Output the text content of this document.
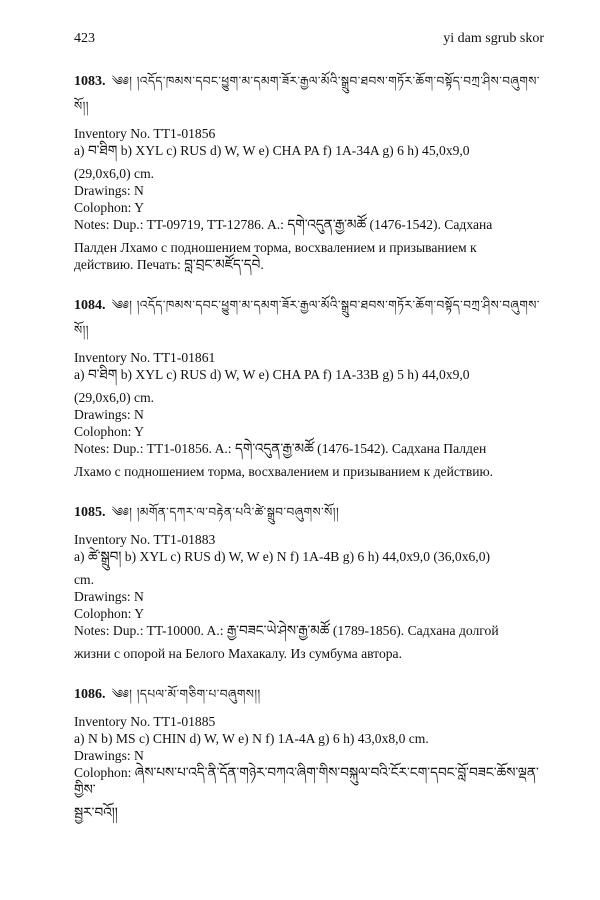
423	yi dam sgrub skor
1083. ༄༅། །འདོད་ཁམས་དབང་ཕྱུག་མ་དམག་ཟོར་རྒྱལ་མོའི་སྒྲུབ་ཐབས་གཏོར་ཆོག་བསྟོད་བཀྲ་ཤིས་བཞུགས་སོ།།

Inventory No. TT1-01856

a) བ་ཐིག b) XYL c) RUS d) W, W e) CHA PA f) 1A-34A g) 6 h) 45,0x9,0

(29,0x6,0) cm.

Drawings: N

Colophon: Y

Notes: Dup.: TT-09719, TT-12786. A.: དགེ་འདུན་རྒྱ་མཚོ (1476-1542). Садхана

Палден Лхамо с подношением торма, восхвалением и призыванием к

действию. Печать: བླ་བྲང་མཛོད་དབེ.

1084. ༄༅། །འདོད་ཁམས་དབང་ཕྱུག་མ་དམག་ཟོར་རྒྱལ་མོའི་སྒྲུབ་ཐབས་གཏོར་ཆོག་བསྟོད་བཀྲ་ཤིས་བཞུགས་སོ།།

Inventory No. TT1-01861

a) བ་ཐིག b) XYL c) RUS d) W, W e) CHA PA f) 1A-33B g) 5 h) 44,0x9,0

(29,0x6,0) cm.

Drawings: N

Colophon: Y

Notes: Dup.: TT1-01856. A.: དགེ་འདུན་རྒྱ་མཚོ (1476-1542). Садхана Палден

Лхамо с подношением торма, восхвалением и призыванием к действию.

1085. ༄༅། །མགོན་དཀར་ལ་བརྟེན་པའི་ཚེ་སྒྲུབ་བཞུགས་སོ།།

Inventory No. TT1-01883

a) ཚེ་སྒྲུབ། b) XYL c) RUS d) W, W e) N f) 1A-4B g) 6 h) 44,0x9,0 (36,0x6,0)

cm.

Drawings: N

Colophon: Y

Notes: Dup.: TT-10000. A.: རྒྱ་བཟང་ཡེ་ཤེས་རྒྱ་མཚོ (1789-1856). Садхана долгой

жизни с опорой на Белого Махакалу. Из сумбума автора.

1086. ༄༅། །དཔལ་མོ་གཅིག་པ་བཞུགས།།

Inventory No. TT1-01885

a) N b) MS c) CHIN d) W, W e) N f) 1A-4A g) 6 h) 43,0x8,0 cm.

Drawings: N

Colophon: ཞེས་པས་པ་འདི་ནི་དོན་གཉེར་བཀའ་ཞིག་གིས་བསྐུལ་བའི་ངོར་ངག་དབང་བློ་བཟང་ཆོས་ལྡན་གྱིས་

སྦྱར་བའོ།།
